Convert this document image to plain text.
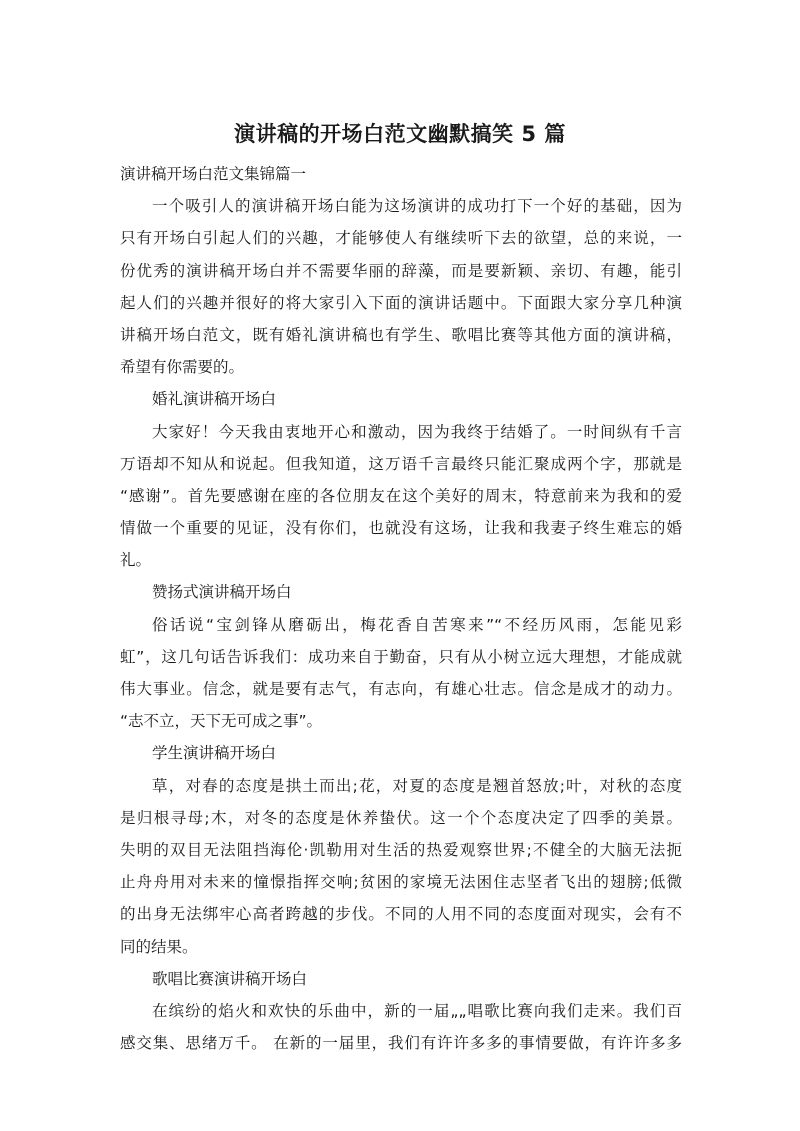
演讲稿的开场白范文幽默搞笑 5 篇

演讲稿开场白范文集锦篇一

一个吸引人的演讲稿开场白能为这场演讲的成功打下一个好的基础，因为
只有开场白引起人们的兴趣，才能够使人有继续听下去的欲望，总的来说，一
份优秀的演讲稿开场白并不需要华丽的辞藻，而是要新颖、亲切、有趣，能引
起人们的兴趣并很好的将大家引入下面的演讲话题中。下面跟大家分享几种演
讲稿开场白范文，既有婚礼演讲稿也有学生、歌唱比赛等其他方面的演讲稿，
希望有你需要的。

婚礼演讲稿开场白

大家好！今天我由衷地开心和激动，因为我终于结婚了。一时间纵有千言
万语却不知从和说起。但我知道，这万语千言最终只能汇聚成两个字，那就是
“感谢”。首先要感谢在座的各位朋友在这个美好的周末，特意前来为我和的爱
情做一个重要的见证，没有你们，也就没有这场，让我和我妻子终生难忘的婚
礼。

赞扬式演讲稿开场白

俗话说“宝剑锋从磨砺出，梅花香自苦寒来”“不经历风雨，怎能见彩
虹”，这几句话告诉我们：成功来自于勤奋，只有从小树立远大理想，才能成就
伟大事业。信念，就是要有志气，有志向，有雄心壮志。信念是成才的动力。
“志不立，天下无可成之事”。

学生演讲稿开场白

草，对春的态度是拱土而出;花，对夏的态度是翘首怒放;叶，对秋的态度
是归根寻母;木，对冬的态度是休养蛰伏。这一个个态度决定了四季的美景。
失明的双目无法阻挡海伦·凯勒用对生活的热爱观察世界;不健全的大脑无法扼
止舟舟用对未来的憧憬指挥交响;贫困的家境无法困住志坚者飞出的翅膀;低微
的出身无法绑牢心高者跨越的步伐。不同的人用不同的态度面对现实，会有不
同的结果。

歌唱比赛演讲稿开场白

在缤纷的焰火和欢快的乐曲中，新的一届„„唱歌比赛向我们走来。我们百
感交集、思绪万千。 在新的一届里，我们有许许多多的事情要做，有许许多多
